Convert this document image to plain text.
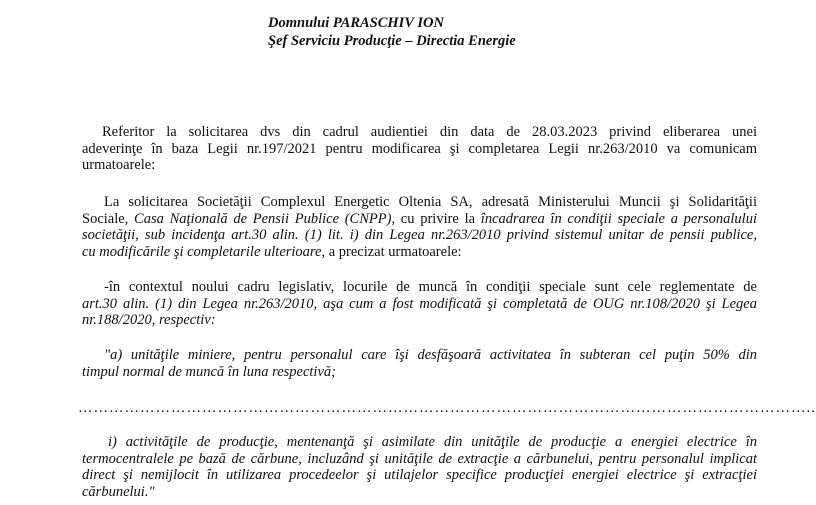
Domnului PARASCHIV ION
Şef Serviciu Producţie – Directia Energie
Referitor la solicitarea dvs din cadrul audientiei din data de 28.03.2023 privind eliberarea unei
adeverinţe în baza Legii nr.197/2021 pentru modificarea şi completarea Legii nr.263/2010 va comunicam
urmatoarele:
La solicitarea Societăţii Complexul Energetic Oltenia SA, adresată Ministerului Muncii şi Solidarităţii
Sociale, Casa Naţională de Pensii Publice (CNPP), cu privire la încadrarea în condiţii speciale a personalului
societăţii, sub incidenţa art.30 alin. (1) lit. i) din Legea nr.263/2010 privind sistemul unitar de pensii publice,
cu modificările şi completarile ulterioare, a precizat urmatoarele:
-în contextul noului cadru legislativ, locurile de muncă în condiţii speciale sunt cele reglementate de
art.30 alin. (1) din Legea nr.263/2010, aşa cum a fost modificată şi completată de OUG nr.108/2020 şi Legea
nr.188/2020, respectiv:
"a) unităţile miniere, pentru personalul care îşi desfăşoară activitatea în subteran cel puţin 50% din
timpul normal de muncă în luna respectivă;
……………………………………………………………………………………………………………………………..
i) activităţile de producţie, mentenanţă şi asimilate din unităţile de producţie a energiei electrice în
termocentralele pe bază de cărbune, incluzând şi unităţile de extracţie a cărbunelui, pentru personalul implicat
direct şi nemijlocit în utilizarea procedeelor şi utilajelor specifice producţiei energiei electrice şi extracţiei
cărbunelui."
